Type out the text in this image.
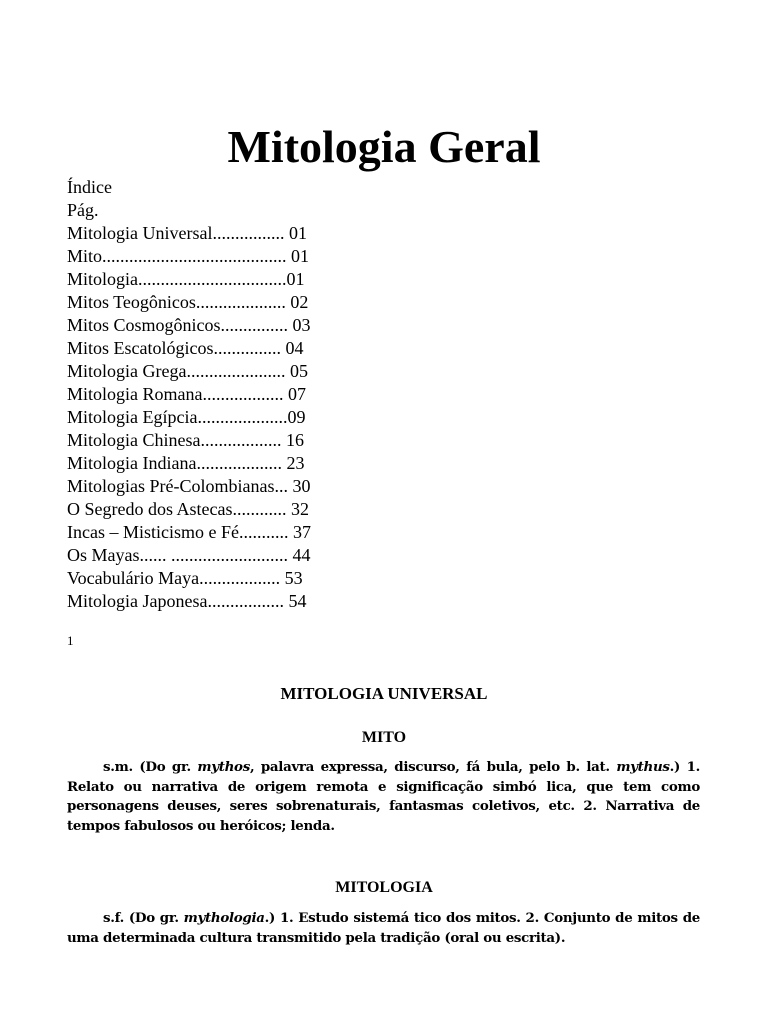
Mitologia Geral
Índice
Pág.
Mitologia Universal................ 01
Mito......................................... 01
Mitologia.................................01
Mitos Teogônicos.................... 02
Mitos Cosmogônicos............... 03
Mitos Escatológicos............... 04
Mitologia Grega...................... 05
Mitologia Romana.................. 07
Mitologia Egípcia....................09
Mitologia Chinesa.................. 16
Mitologia Indiana................... 23
Mitologias Pré-Colombianas... 30
O Segredo dos Astecas............ 32
Incas – Misticismo e Fé........... 37
Os Mayas...... .......................... 44
Vocabulário Maya.................. 53
Mitologia Japonesa................. 54
1
MITOLOGIA UNIVERSAL
MITO

s.m. (Do gr. mythos, palavra expressa, discurso, fá bula, pelo b. lat. mythus.) 1. Relato ou narrativa de origem remota e significação simbó lica, que tem como personagens deuses, seres sobrenaturais, fantasmas coletivos, etc. 2. Narrativa de tempos fabulosos ou heróicos; lenda.

MITOLOGIA

s.f. (Do gr. mythologia.) 1. Estudo sistemá tico dos mitos. 2. Conjunto de mitos de uma determinada cultura transmitido pela tradição (oral ou escrita).
